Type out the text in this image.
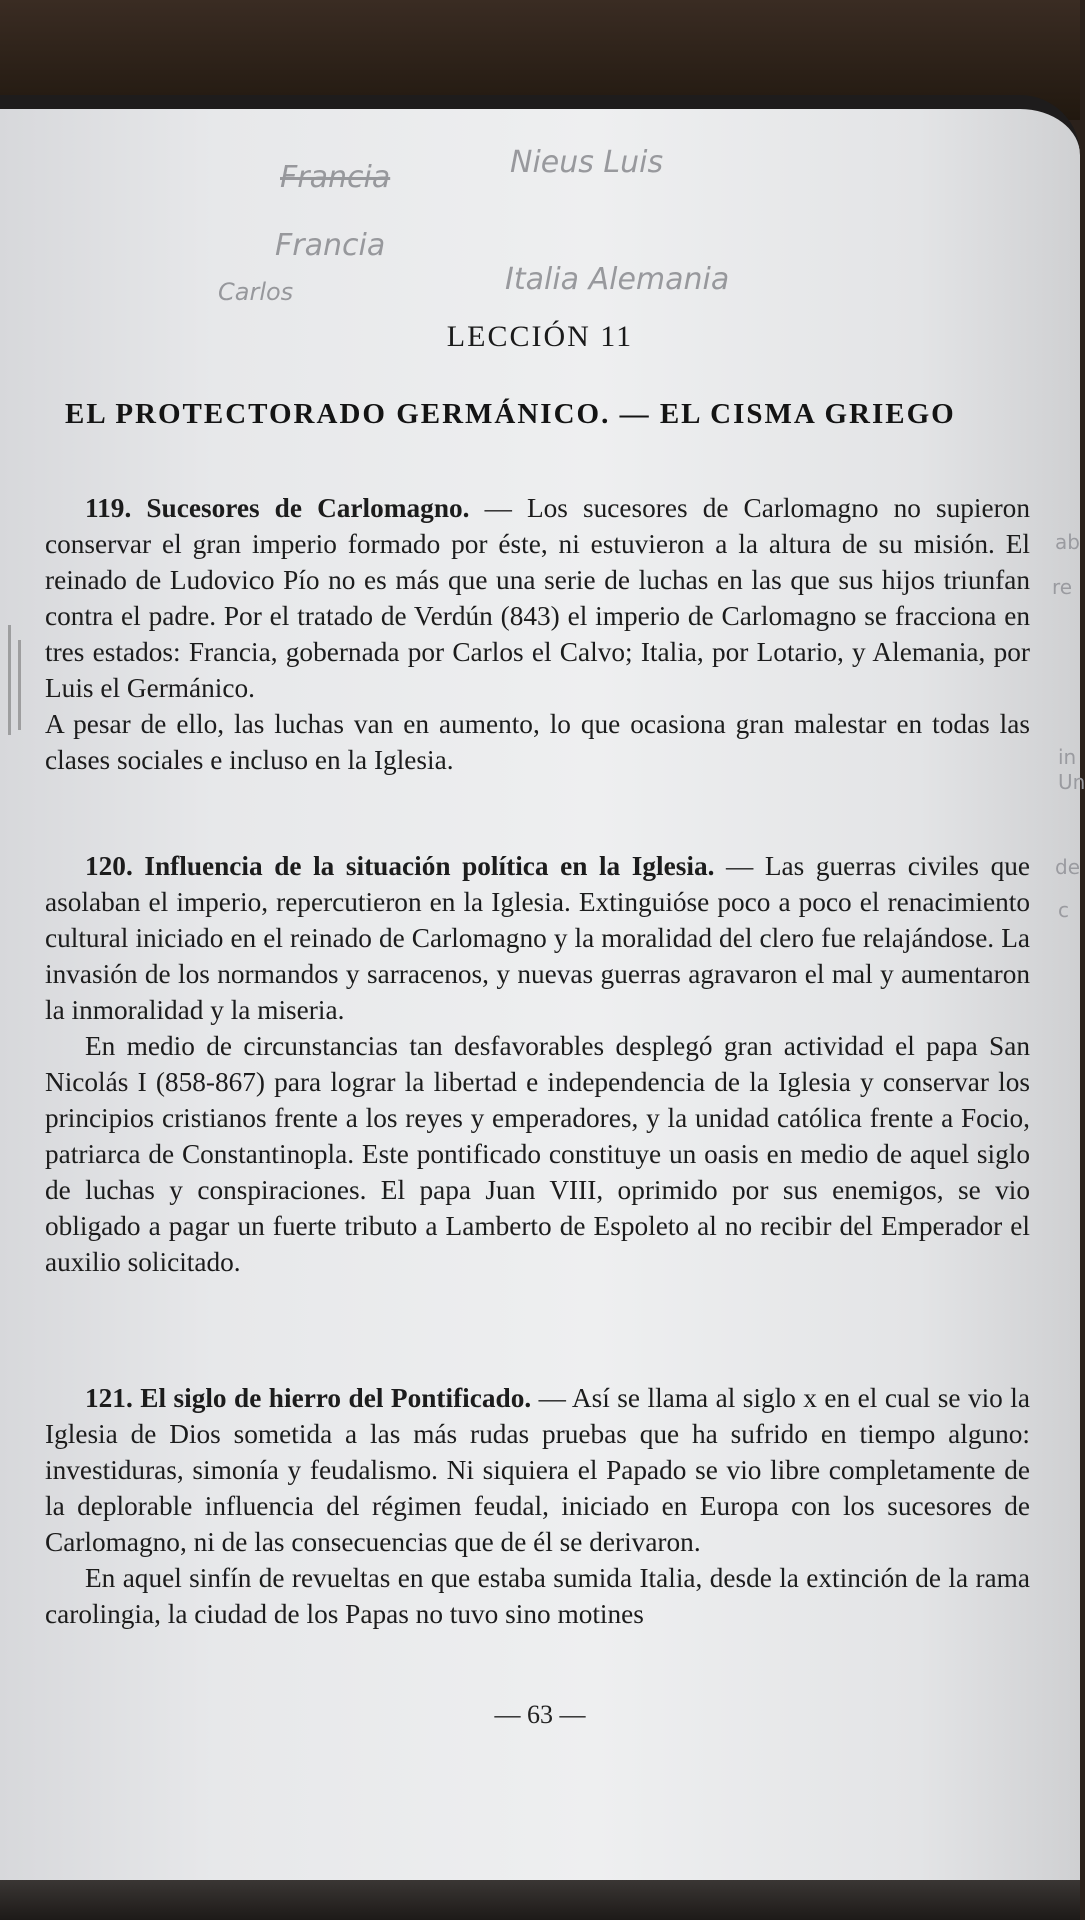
Francia	Nieus Luis
Francia
Carlos	Italia Alemania
LECCIÓN 11
EL PROTECTORADO GERMÁNICO. — EL CISMA GRIEGO

119. Sucesores de Carlomagno. — Los sucesores de Carlomagno no supieron conservar el gran imperio formado por éste, ni estuvieron a la altura de su misión. El reinado de Ludovico Pío no es más que una serie de luchas en las que sus hijos triunfan contra el padre. Por el tratado de Verdún (843) el imperio de Carlomagno se fracciona en tres estados: Francia, gobernada por Carlos el Calvo; Italia, por Lotario, y Alemania, por Luis el Germánico.

A pesar de ello, las luchas van en aumento, lo que ocasiona gran malestar en todas las clases sociales e incluso en la Iglesia.

120. Influencia de la situación política en la Iglesia. — Las guerras civiles que asolaban el imperio, repercutieron en la Iglesia. Extinguióse poco a poco el renacimiento cultural iniciado en el reinado de Carlomagno y la moralidad del clero fue relajándose. La invasión de los normandos y sarracenos, y nuevas guerras agravaron el mal y aumentaron la inmoralidad y la miseria.

En medio de circunstancias tan desfavorables desplegó gran actividad el papa San Nicolás I (858-867) para lograr la libertad e independencia de la Iglesia y conservar los principios cristianos frente a los reyes y emperadores, y la unidad católica frente a Focio, patriarca de Constantinopla. Este pontificado constituye un oasis en medio de aquel siglo de luchas y conspiraciones. El papa Juan VIII, oprimido por sus enemigos, se vio obligado a pagar un fuerte tributo a Lamberto de Espoleto al no recibir del Emperador el auxilio solicitado.

121. El siglo de hierro del Pontificado. — Así se llama al siglo x en el cual se vio la Iglesia de Dios sometida a las más rudas pruebas que ha sufrido en tiempo alguno: investiduras, simonía y feudalismo. Ni siquiera el Papado se vio libre completamente de la deplorable influencia del régimen feudal, iniciado en Europa con los sucesores de Carlomagno, ni de las consecuencias que de él se derivaron.

En aquel sinfín de revueltas en que estaba sumida Italia, desde la extinción de la rama carolingia, la ciudad de los Papas no tuvo sino motines

ab
re
in
Un
de
c
— 63 —
